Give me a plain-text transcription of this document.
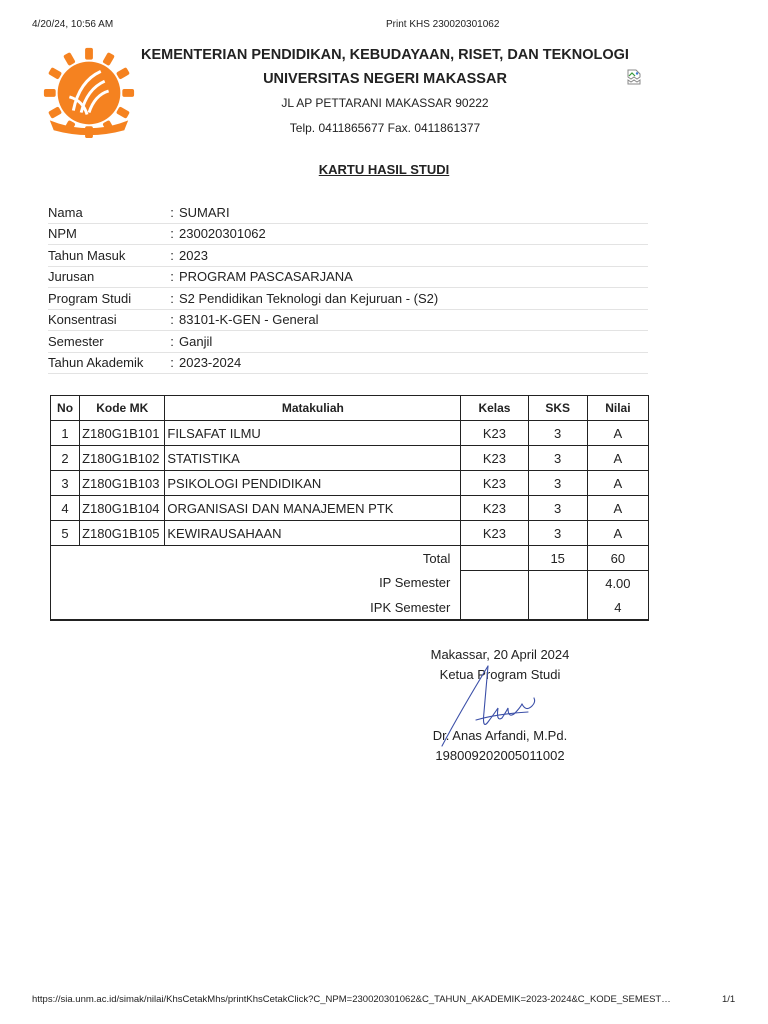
4/20/24, 10:56 AM	Print KHS 230020301062
KEMENTERIAN PENDIDIKAN, KEBUDAYAAN, RISET, DAN TEKNOLOGI
UNIVERSITAS NEGERI MAKASSAR
JL AP PETTARANI MAKASSAR 90222
Telp. 0411865677 Fax. 0411861377
KARTU HASIL STUDI
Nama	:	SUMARI
NPM	:	230020301062
Tahun Masuk	:	2023
Jurusan	:	PROGRAM PASCASARJANA
Program Studi	:	S2 Pendidikan Teknologi dan Kejuruan - (S2)
Konsentrasi	:	83101-K-GEN - General
Semester	:	Ganjil
Tahun Akademik	:	2023-2024
No	Kode MK	Matakuliah	Kelas	SKS	Nilai
1	Z180G1B101	FILSAFAT ILMU	K23	3	A
2	Z180G1B102	STATISTIKA	K23	3	A
3	Z180G1B103	PSIKOLOGI PENDIDIKAN	K23	3	A
4	Z180G1B104	ORGANISASI DAN MANAJEMEN PTK	K23	3	A
5	Z180G1B105	KEWIRAUSAHAAN	K23	3	A
Total				15	60
IP Semester					4.00
IPK Semester					4
Makassar, 20 April 2024
Ketua Program Studi
Dr. Anas Arfandi, M.Pd.
198009202005011002
https://sia.unm.ac.id/simak/nilai/KhsCetakMhs/printKhsCetakClick?C_NPM=230020301062&C_TAHUN_AKADEMIK=2023-2024&C_KODE_SEMEST…	1/1
